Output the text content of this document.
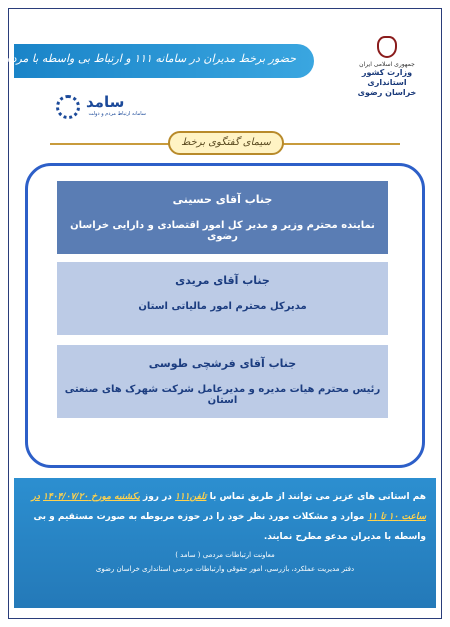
حضور برخط مدیران در سامانه ۱۱۱ و ارتباط بی واسطه با مردم	جمهوری اسلامی ایران
وزارت کشور
استانداری خراسان رضوی
سامد
سامانه ارتباط مردم و دولت
سیمای گفتگوی برخط
جناب آقای حسینی
نماینده محترم وزیر و مدیر کل امور اقتصادی و دارایی خراسان رضوی
جناب آقای مریدی
مدیرکل محترم امور مالیاتی استان
جناب آقای فرشچی طوسی
رئیس محترم هیات مدیره و مدیرعامل شرکت شهرک های صنعتی استان
هم استانی های عزیز می توانند از طریق تماس با تلفن۱۱۱ در روز یکشنبه مورخ ۱۴۰۴/۰۷/۲۰ در ساعت ۱۰ تا ۱۱ موارد و مشکلات مورد نظر خود را در حوزه مربوطه به صورت مستقیم و بی واسطه با مدیران مدعو مطرح نمایند.
معاونت ارتباطات مردمی ( سامد )
دفتر مدیریت عملکرد، بازرسی، امور حقوقی وارتباطات مردمی استانداری خراسان رضوی
